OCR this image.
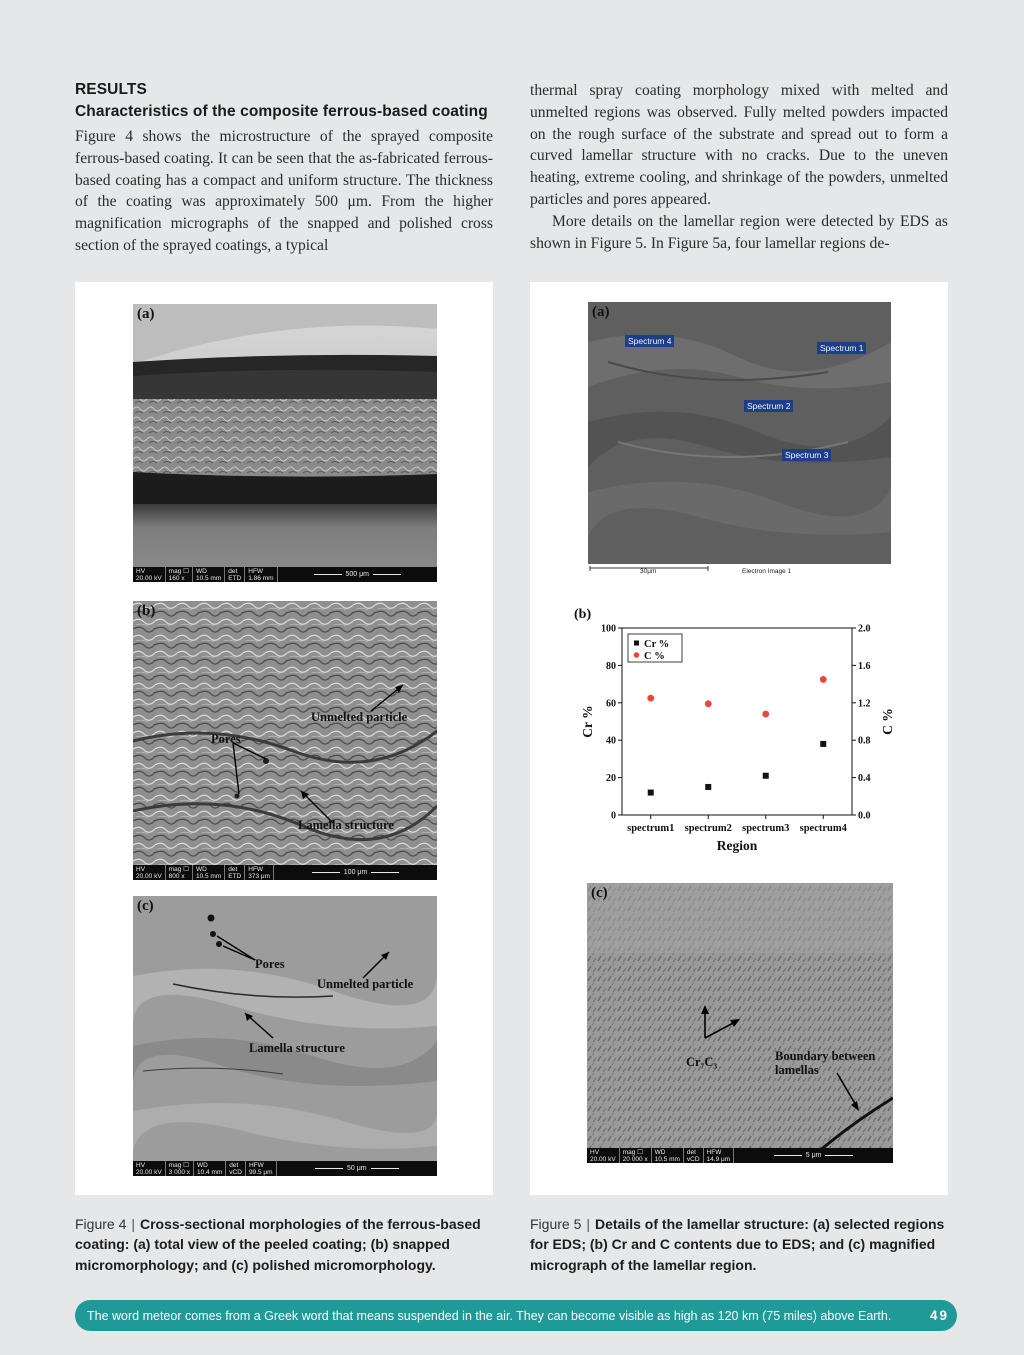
RESULTS
Characteristics of the composite ferrous-based coating

Figure 4 shows the microstructure of the sprayed composite ferrous-based coating. It can be seen that the as-fabricated ferrous-based coating has a compact and uniform structure. The thickness of the coating was approximately 500 μm. From the higher magnification micrographs of the snapped and polished cross section of the sprayed coatings, a typical

thermal spray coating morphology mixed with melted and unmelted regions was observed. Fully melted powders impacted on the rough surface of the substrate and spread out to form a curved lamellar structure with no cracks. Due to the uneven heating, extreme cooling, and shrinkage of the powders, unmelted particles and pores appeared.

More details on the lamellar region were detected by EDS as shown in Figure 5. In Figure 5a, four lamellar regions de-

(a)
HV
20.00 kV
mag ☐
160 x
WD
10.5 mm
det
ETD
HFW
1.86 mm	500 μm
(b)
Unmelted particle
Pores
Lamella structure
HV
20.00 kV
mag ☐
800 x
WD
10.5 mm
det
ETD
HFW
373 μm	100 μm
(c)
Pores
Unmelted particle
Lamella structure
HV
20.00 kV
mag ☐
3 000 x
WD
10.4 mm
det
vCD
HFW
99.5 μm	50 μm
(a)
Spectrum 4
Spectrum 1
Spectrum 2
Spectrum 3
30μm	Electron Image 1
(b)
0
20
40
60
80
100
0.0
0.4
0.8
1.2
1.6
2.0
spectrum1 spectrum2 spectrum3 spectrum4
Region
Cr %	C %
Cr %
C %
(c)
Cr₇C₃	Boundary between
lamellas
HV
20.00 kV
mag ☐
20 000 x
WD
10.5 mm
det
vCD
HFW
14.9 μm	5 μm
Figure 4 | Cross-sectional morphologies of the ferrous-based coating: (a) total view of the peeled coating; (b) snapped micromorphology; and (c) polished micromorphology.
Figure 5 | Details of the lamellar structure: (a) selected regions for EDS; (b) Cr and C contents due to EDS; and (c) magnified micrograph of the lamellar region.
The word meteor comes from a Greek word that means suspended in the air. They can become visible as high as 120 km (75 miles) above Earth.	49
